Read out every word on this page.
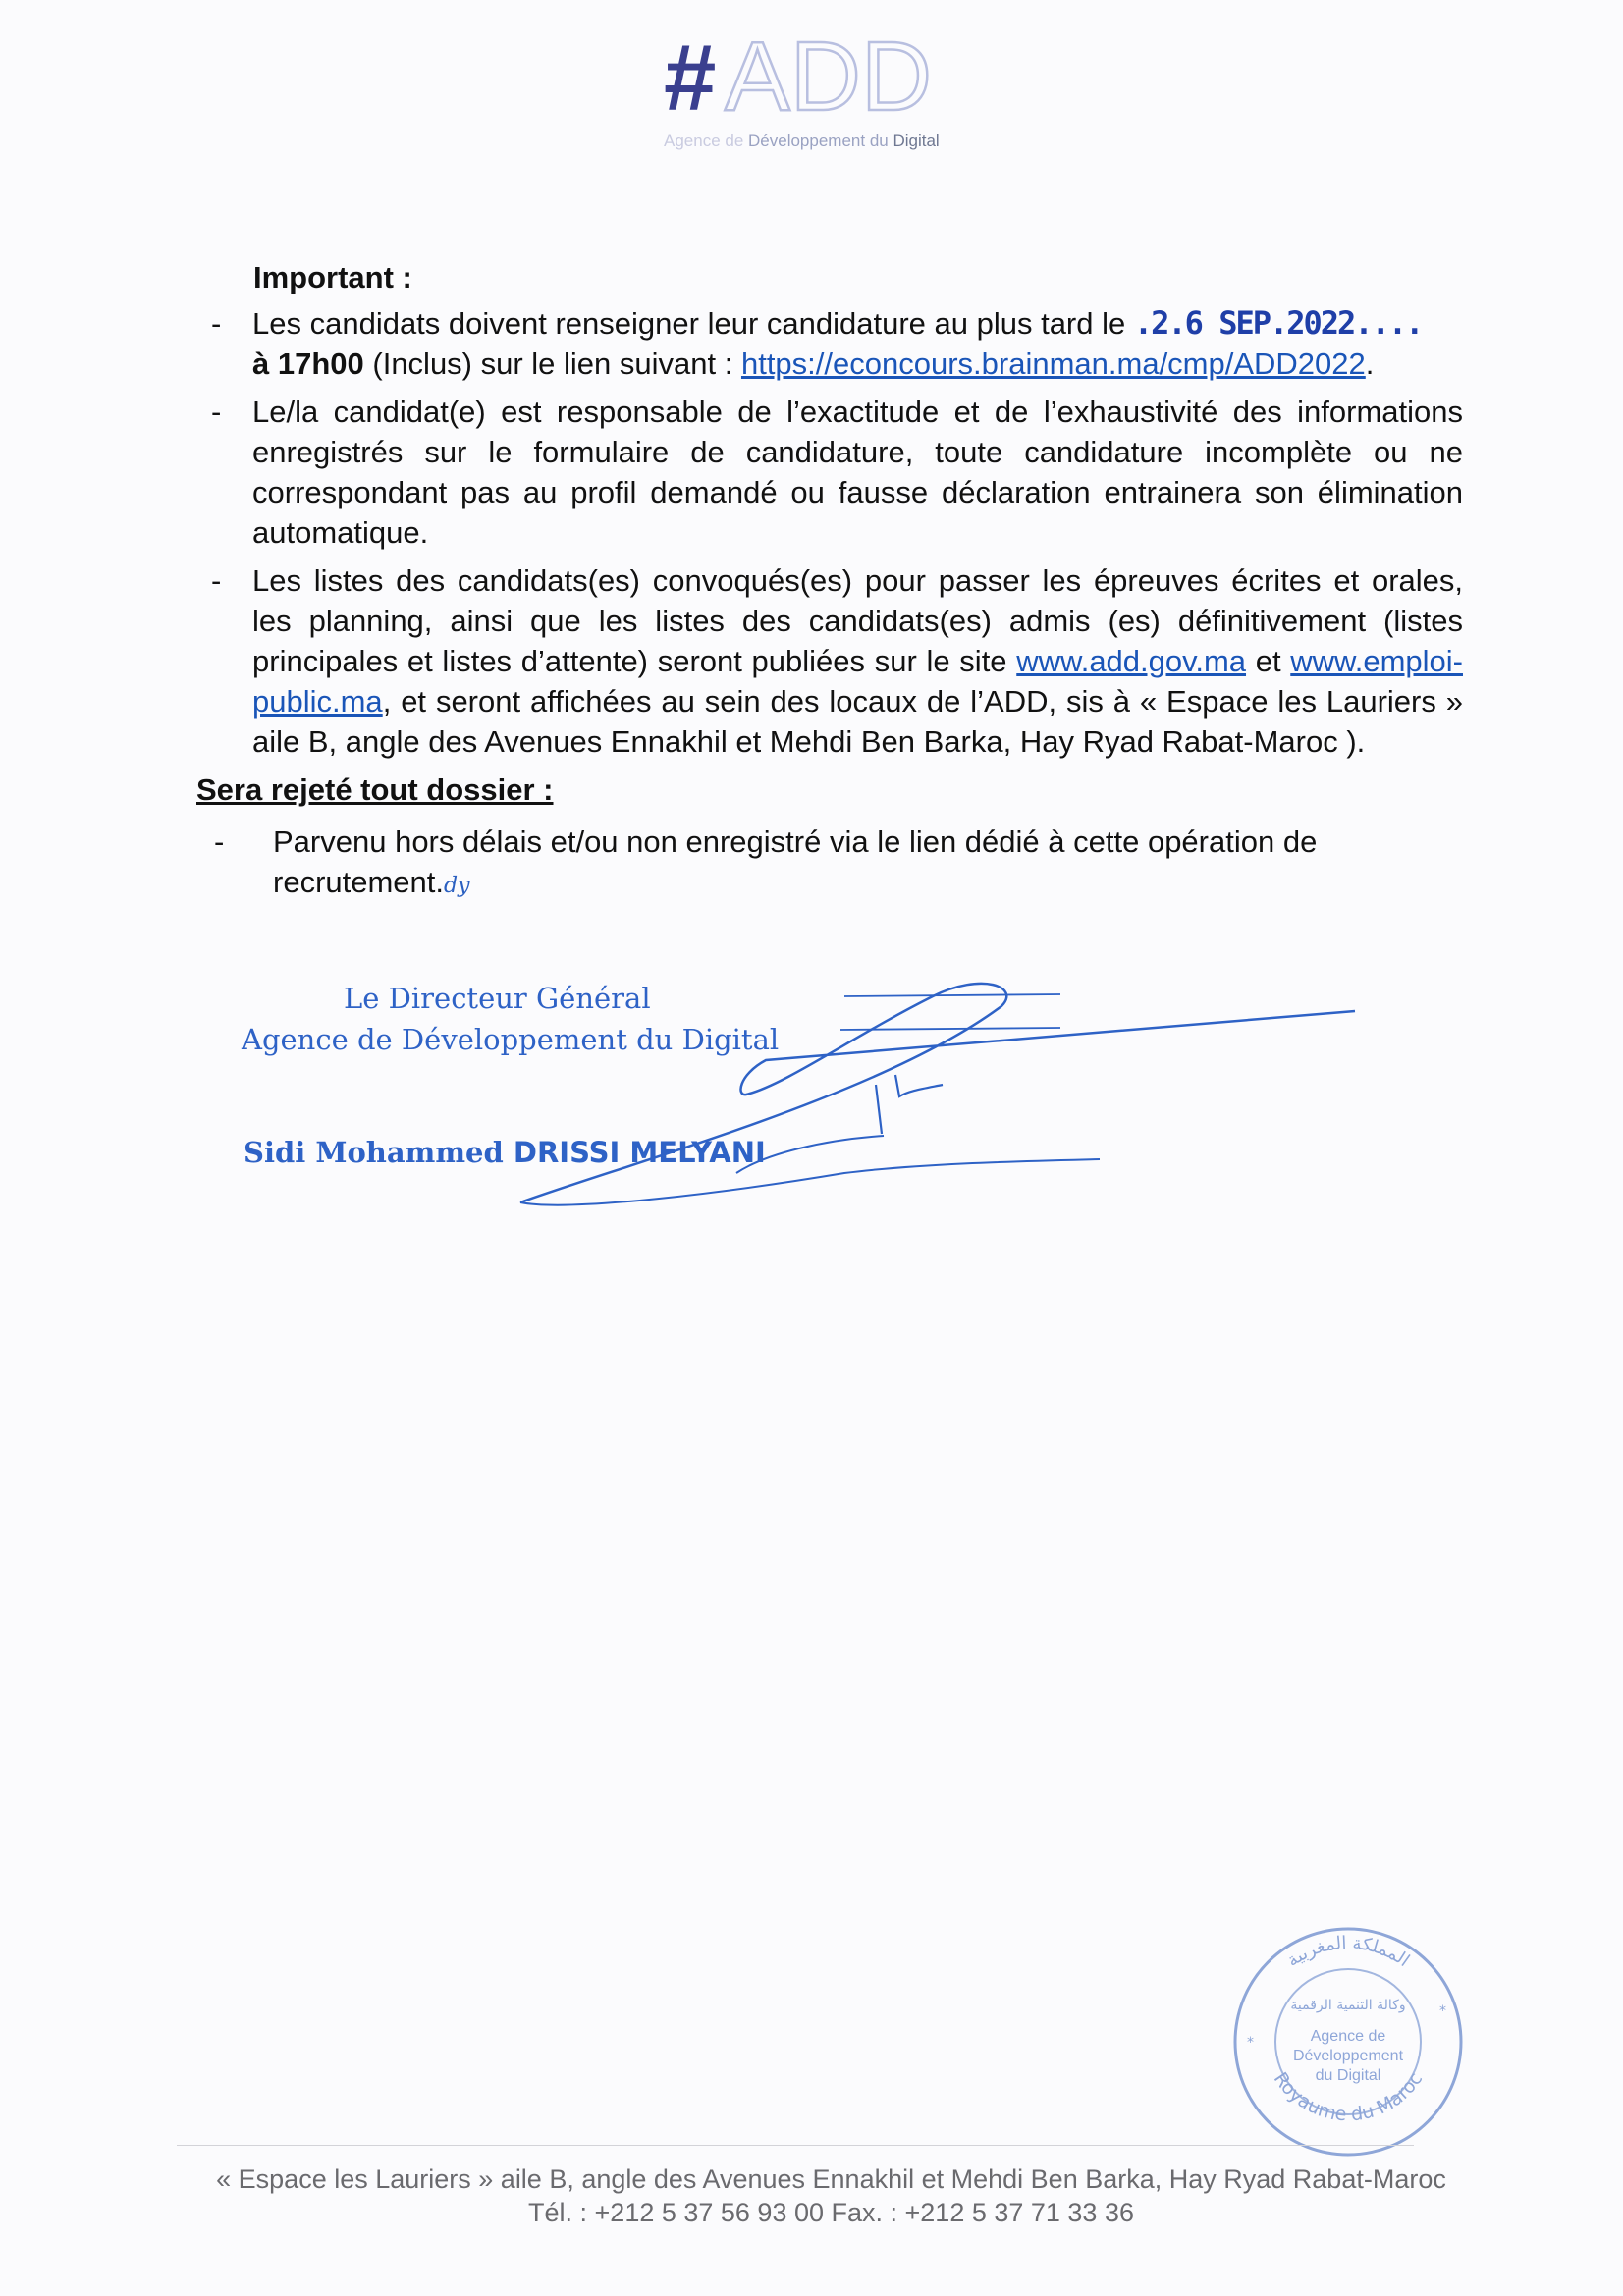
# ADD
Agence de Développement du Digital
Important :
-	Les candidats doivent renseigner leur candidature au plus tard le .2.6 SEP.2022....
à 17h00 (Inclus) sur le lien suivant : https://econcours.brainman.ma/cmp/ADD2022.
-	Le/la candidat(e) est responsable de l’exactitude et de l’exhaustivité des informations enregistrés sur le formulaire de candidature, toute candidature incomplète ou ne correspondant pas au profil demandé ou fausse déclaration entrainera son élimination automatique.
-	Les listes des candidats(es) convoqués(es) pour passer les épreuves écrites et orales, les planning, ainsi que les listes des candidats(es) admis (es) définitivement (listes principales et listes d’attente) seront publiées sur le site www.add.gov.ma et www.emploi-public.ma, et seront affichées au sein des locaux de l’ADD, sis à « Espace les Lauriers » aile B, angle des Avenues Ennakhil et Mehdi Ben Barka, Hay Ryad Rabat-Maroc ).
Sera rejeté tout dossier :
-	Parvenu hors délais et/ou non enregistré via le lien dédié à cette opération de recrutement.dy
Le Directeur Général
Agence de Développement du Digital
Sidi Mohammed DRISSI MELYANI
المملكة المغربية
Royaume du Maroc
وكالة التنمية الرقمية
Agence de
Développement
du Digital
*
*
« Espace les Lauriers » aile B, angle des Avenues Ennakhil et Mehdi Ben Barka, Hay Ryad Rabat-Maroc
Tél. : +212 5 37 56 93 00 Fax. : +212 5 37 71 33 36
